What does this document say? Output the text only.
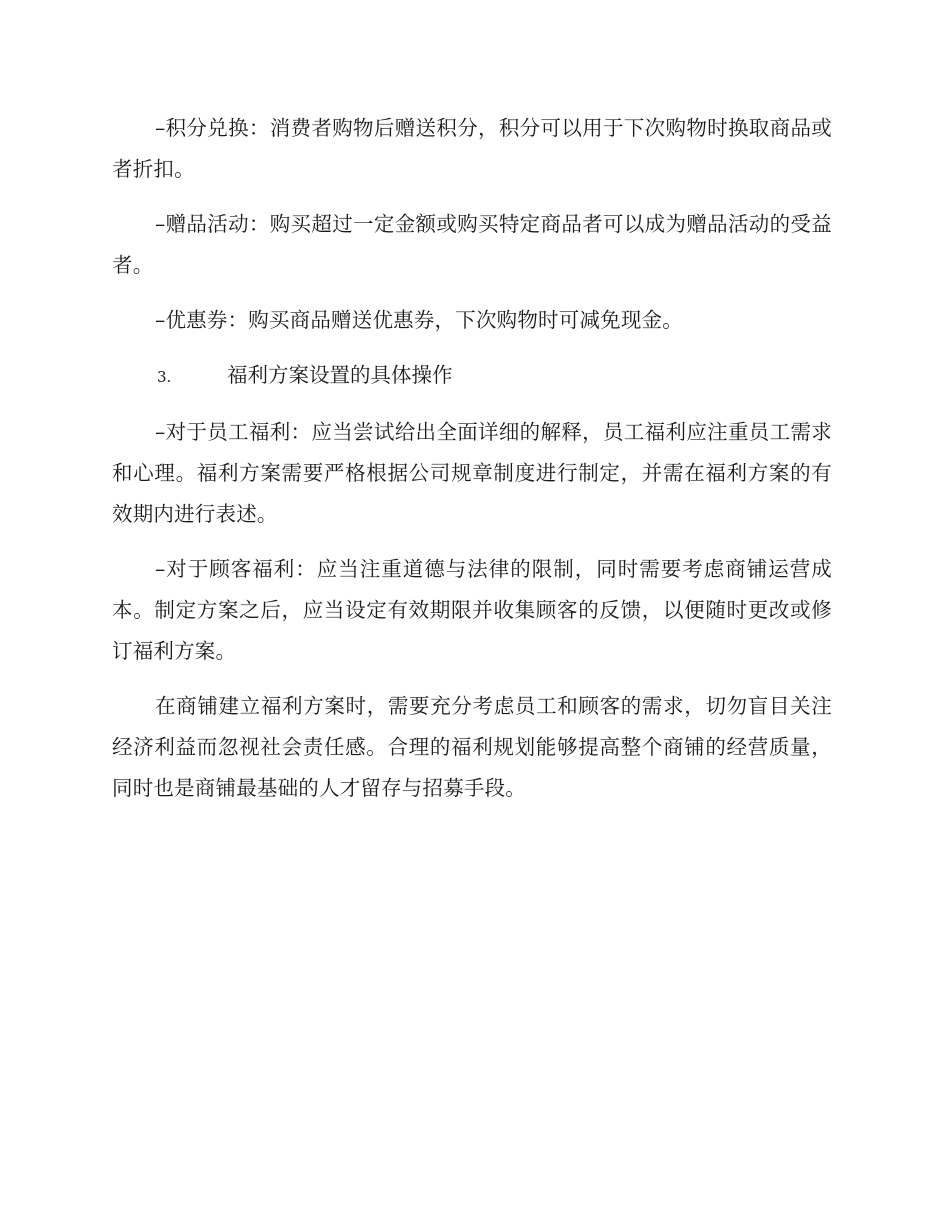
–积分兑换：消费者购物后赠送积分，积分可以用于下次购物时换取商品或者折扣。

–赠品活动：购买超过一定金额或购买特定商品者可以成为赠品活动的受益者。

–优惠券：购买商品赠送优惠券，下次购物时可减免现金。

3.	福利方案设置的具体操作

–对于员工福利：应当尝试给出全面详细的解释，员工福利应注重员工需求和心理。福利方案需要严格根据公司规章制度进行制定，并需在福利方案的有效期内进行表述。

–对于顾客福利：应当注重道德与法律的限制，同时需要考虑商铺运营成本。制定方案之后，应当设定有效期限并收集顾客的反馈，以便随时更改或修订福利方案。

在商铺建立福利方案时，需要充分考虑员工和顾客的需求，切勿盲目关注经济利益而忽视社会责任感。合理的福利规划能够提高整个商铺的经营质量，同时也是商铺最基础的人才留存与招募手段。
